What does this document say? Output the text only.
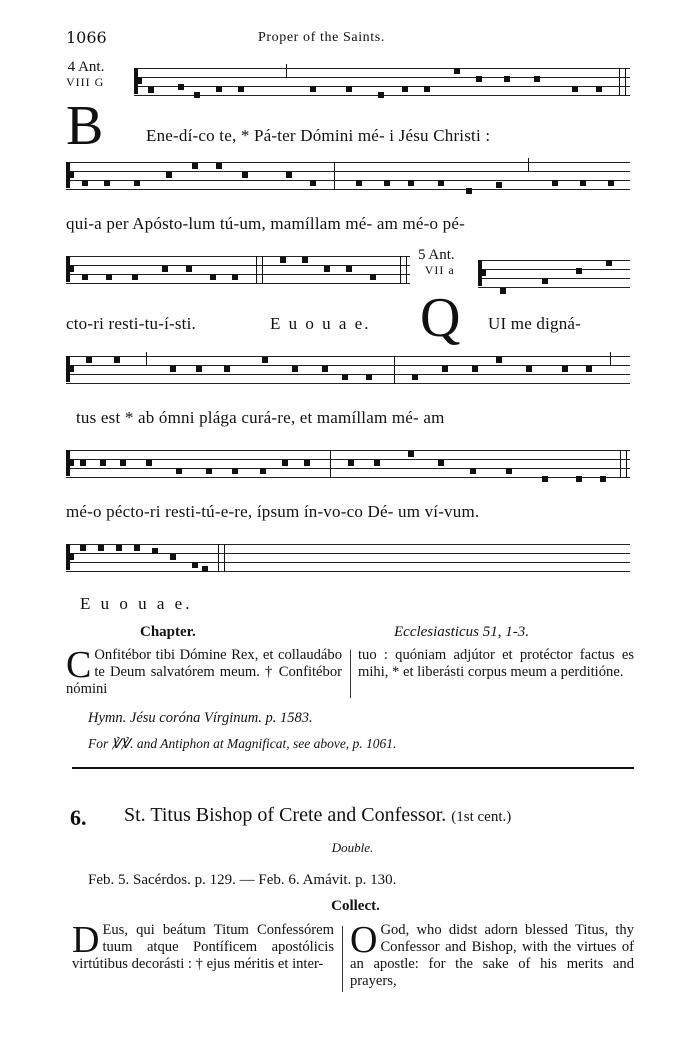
1066	Proper of the Saints.
4 Ant.
VIII G
B	Ene-dí-co te, * Pá-ter Dómini mé- i Jésu Christi :
qui-a per Apósto-lum tú-um, mamíllam mé- am mé-o pé-
5 Ant.
VII a
cto-ri resti-tu-í-sti.	E u o u a e. Q UI me digná-
tus est * ab ómni plága curá-re, et mamíllam mé- am
mé-o pécto-ri resti-tú-e-re, ípsum ín-vo-co Dé- um ví-vum.
E u o u a e.
Chapter.	Ecclesiasticus 51, 1-3.
C Onfitébor tibi Dómine Rex, et collaudábo te Deum salvatórem meum. † Confitébor nómini
tuo : quóniam adjútor et protéctor factus es mihi, * et liberásti corpus meum a perditióne.
Hymn. Jésu coróna Vírginum. p. 1583.
For ℣℣. and Antiphon at Magnificat, see above, p. 1061.
6. St. Titus Bishop of Crete and Confessor. (1st cent.)
Double.
Feb. 5. Sacérdos. p. 129. — Feb. 6. Amávit. p. 130.
Collect.
D Eus, qui beátum Titum Confessórem tuum atque Pontíficem apostólicis virtútibus decorásti : † ejus méritis et inter-
O God, who didst adorn blessed Titus, thy Confessor and Bishop, with the virtues of an apostle: for the sake of his merits and prayers,
